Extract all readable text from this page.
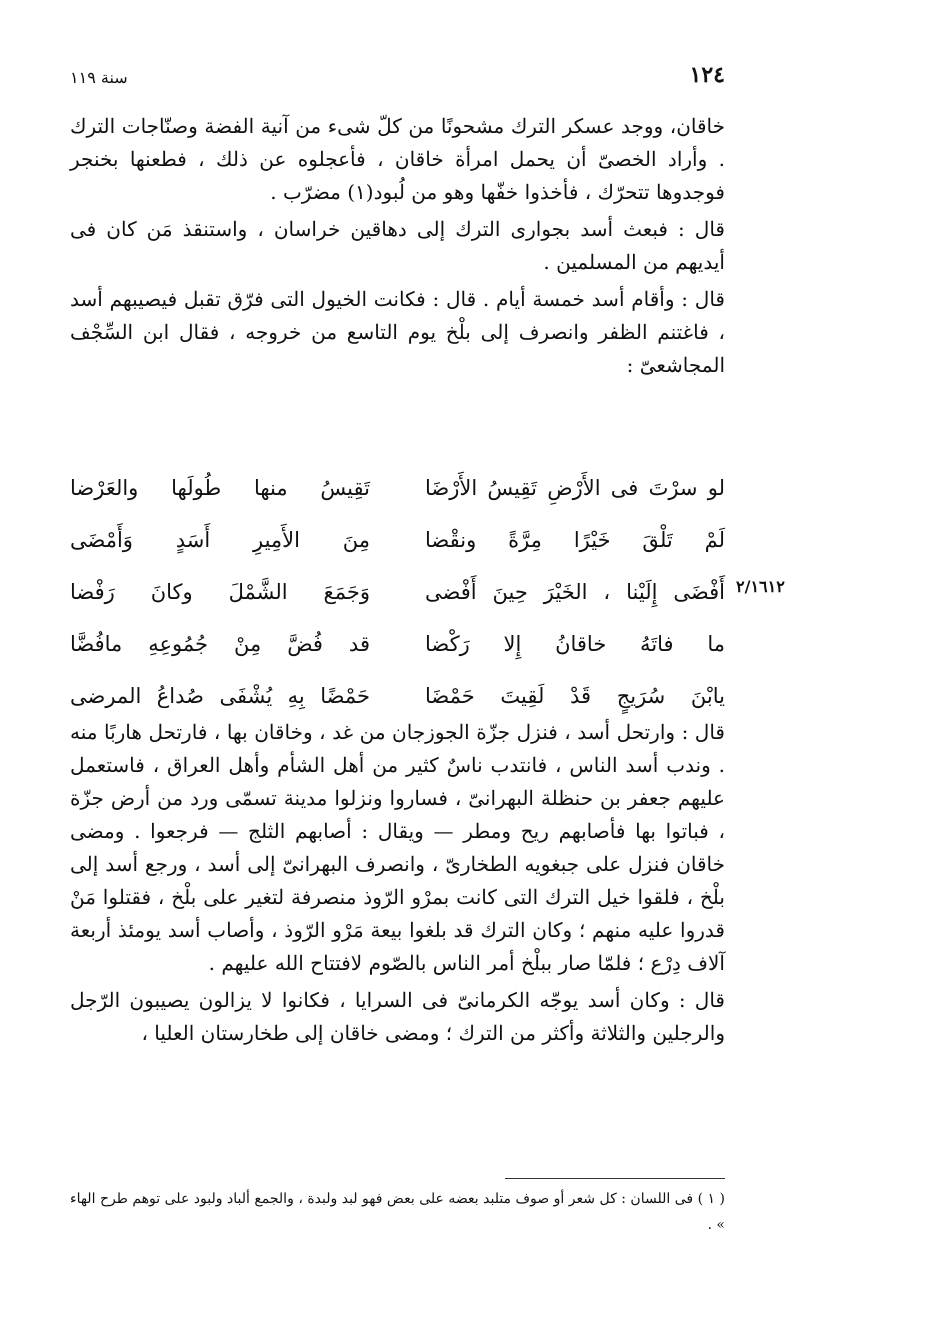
سنة ١١٩	١٢٤

خاقان، ووجد عسكر الترك مشحونًا من كلّ شىء من آنية الفضة وصنّاجات الترك . وأراد الخصىّ أن يحمل امرأة خاقان ، فأعجلوه عن ذلك ، فطعنها بخنجر فوجدوها تتحرّك ، فأخذوا خفّها وهو من لُبود(١) مضرّب .

قال : فبعث أسد بجوارى الترك إلى دهاقين خراسان ، واستنقذ مَن كان فى أيديهم من المسلمين .

قال : وأقام أسد خمسة أيام . قال : فكانت الخيول التى فرّق تقبل فيصيبهم أسد ، فاغتنم الظفر وانصرف إلى بلْخ يوم التاسع من خروجه ، فقال ابن السِّجْف المجاشعىّ :

لو سرْتَ فى الأَرْضِ تَقِيسُ الأَرْضَا
تَقِيسُ منها طُولَها والعَرْضا
لَمْ تَلْقَ خَيْرًا مِرَّةً ونقْضا
مِنَ الأَمِيرِ أَسَدٍ وَأَمْضَى
أَفْضَى إِلَيْنا ، الخَيْرَ حِينَ أَفْضى
وَجَمَعَ الشَّمْلَ وكانَ رَفْضا
ما فاتَهُ خاقانُ إِلا رَكْضا
قد فُضَّ مِنْ جُمُوعِهِ مافُضَّا
يابْنَ سُرَيجٍ قَدْ لَقِيتَ حَمْضَا
حَمْضًا بِهِ يُشْفَى صُداعُ المرضى
٢/١٦١٢

قال : وارتحل أسد ، فنزل جزّة الجوزجان من غد ، وخاقان بها ، فارتحل هاربًا منه . وندب أسد الناس ، فانتدب ناسٌ كثير من أهل الشأم وأهل العراق ، فاستعمل عليهم جعفر بن حنظلة البهرانىّ ، فساروا ونزلوا مدينة تسمّى ورد من أرض جزّة ، فباتوا بها فأصابهم ريح ومطر — ويقال : أصابهم الثلج — فرجعوا . ومضى خاقان فنزل على جبغويه الطخارىّ ، وانصرف البهرانىّ إلى أسد ، ورجع أسد إلى بلْخ ، فلقوا خيل الترك التى كانت بمرْو الرّوذ منصرفة لتغير على بلْخ ، فقتلوا مَنْ قدروا عليه منهم ؛ وكان الترك قد بلغوا بيعة مَرْو الرّوذ ، وأصاب أسد يومئذ أربعة آلاف دِرْع ؛ فلمّا صار ببلْخ أمر الناس بالصّوم لافتتاح الله عليهم .

قال : وكان أسد يوجّه الكرمانىّ فى السرايا ، فكانوا لا يزالون يصيبون الرّجل والرجلين والثلاثة وأكثر من الترك ؛ ومضى خاقان إلى طخارستان العليا ،

( ١ ) فى اللسان : كل شعر أو صوف متلبد بعضه على بعض فهو لبد ولبدة ، والجمع ألباد ولبود على توهم طرح الهاء » .
